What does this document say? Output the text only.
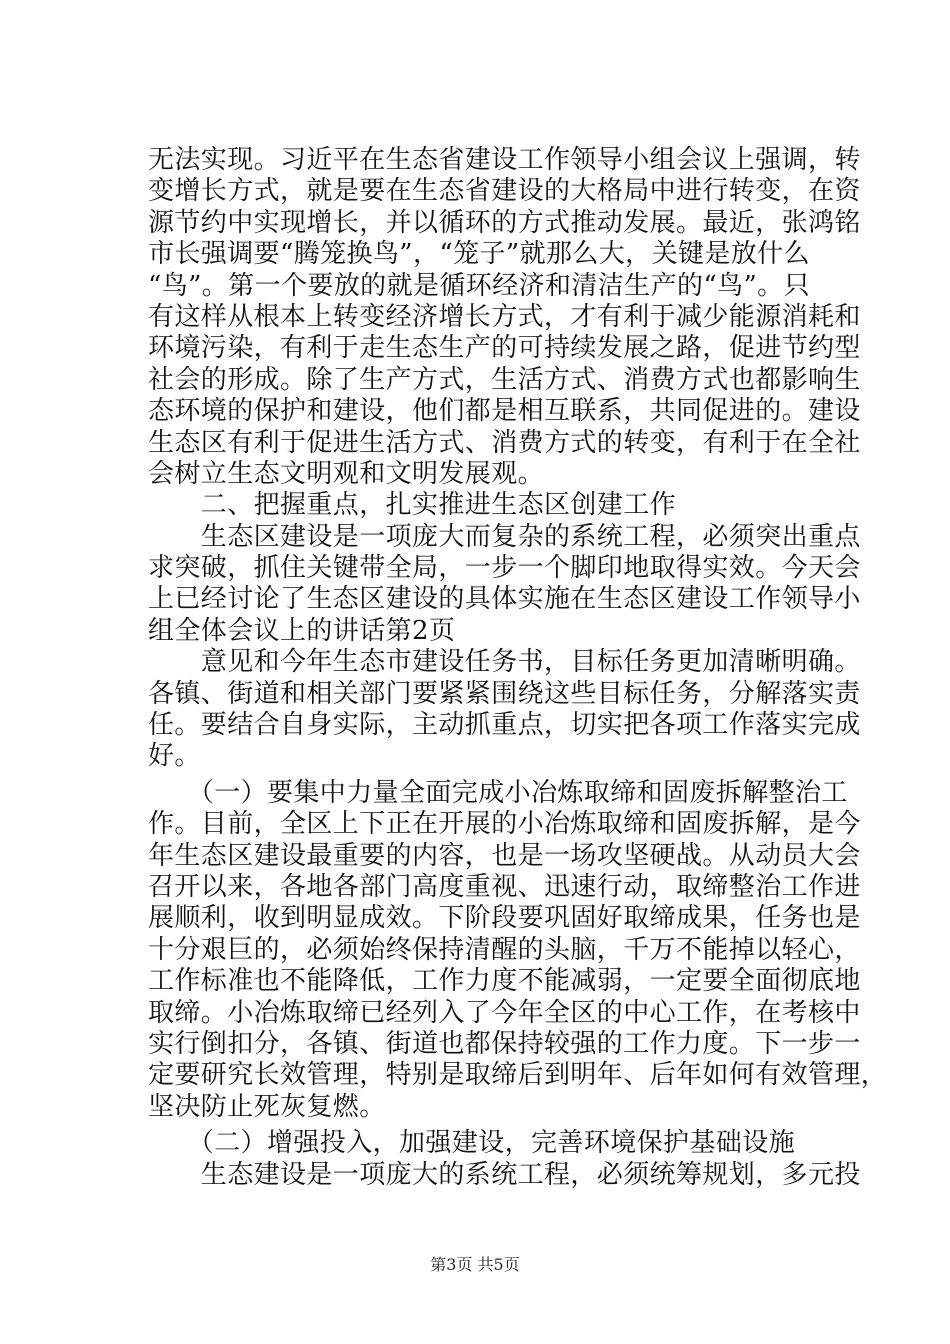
无法实现。习近平在生态省建设工作领导小组会议上强调，转
变增长方式，就是要在生态省建设的大格局中进行转变，在资
源节约中实现增长，并以循环的方式推动发展。最近，张鸿铭
市长强调要“腾笼换鸟”，“笼子”就那么大，关键是放什么
“鸟”。第一个要放的就是循环经济和清洁生产的“鸟”。只
有这样从根本上转变经济增长方式，才有利于减少能源消耗和
环境污染，有利于走生态生产的可持续发展之路，促进节约型
社会的形成。除了生产方式，生活方式、消费方式也都影响生
态环境的保护和建设，他们都是相互联系，共同促进的。建设
生态区有利于促进生活方式、消费方式的转变，有利于在全社
会树立生态文明观和文明发展观。
　　二、把握重点，扎实推进生态区创建工作
　　生态区建设是一项庞大而复杂的系统工程，必须突出重点
求突破，抓住关键带全局，一步一个脚印地取得实效。今天会
上已经讨论了生态区建设的具体实施在生态区建设工作领导小
组全体会议上的讲话第2页
　　意见和今年生态市建设任务书，目标任务更加清晰明确。
各镇、街道和相关部门要紧紧围绕这些目标任务，分解落实责
任。要结合自身实际，主动抓重点，切实把各项工作落实完成
好。
　　（一）要集中力量全面完成小冶炼取缔和固废拆解整治工
作。目前，全区上下正在开展的小冶炼取缔和固废拆解，是今
年生态区建设最重要的内容，也是一场攻坚硬战。从动员大会
召开以来，各地各部门高度重视、迅速行动，取缔整治工作进
展顺利，收到明显成效。下阶段要巩固好取缔成果，任务也是
十分艰巨的，必须始终保持清醒的头脑，千万不能掉以轻心，
工作标准也不能降低，工作力度不能减弱，一定要全面彻底地
取缔。小冶炼取缔已经列入了今年全区的中心工作，在考核中
实行倒扣分，各镇、街道也都保持较强的工作力度。下一步一
定要研究长效管理，特别是取缔后到明年、后年如何有效管理，
坚决防止死灰复燃。
　　（二）增强投入，加强建设，完善环境保护基础设施
　　生态建设是一项庞大的系统工程，必须统筹规划，多元投
第3页 共5页
